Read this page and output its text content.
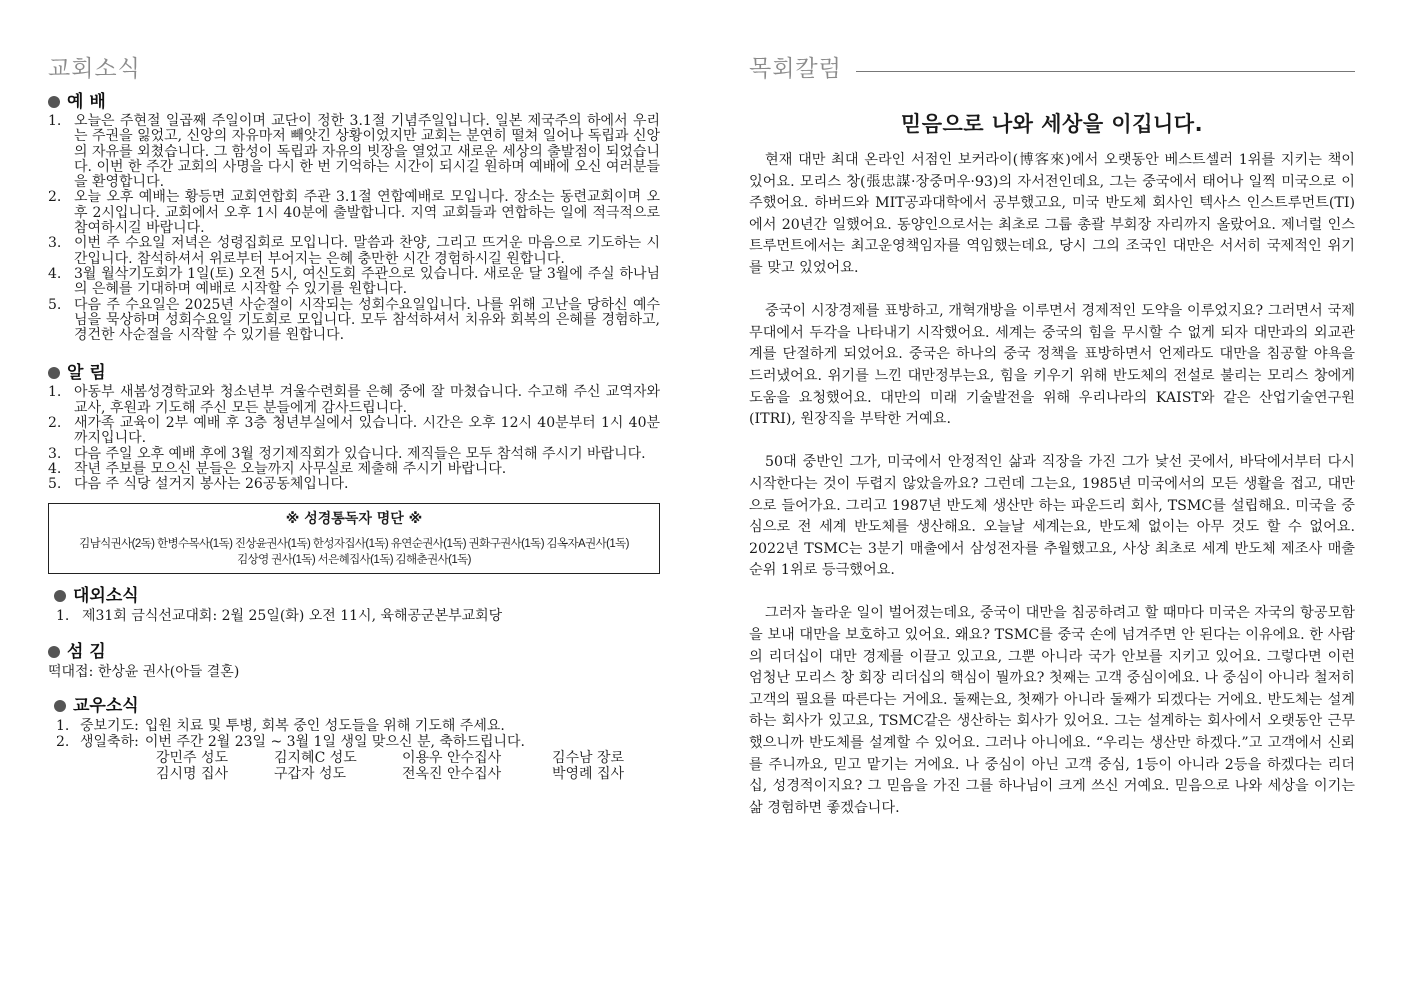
교회소식
예 배
1. 오늘은 주현절 일곱째 주일이며 교단이 정한 3.1절 기념주일입니다. 일본 제국주의 하에서 우리는 주권을 잃었고, 신앙의 자유마저 빼앗긴 상황이었지만 교회는 분연히 떨쳐 일어나 독립과 신앙의 자유를 외쳤습니다. 그 함성이 독립과 자유의 빗장을 열었고 새로운 세상의 출발점이 되었습니다. 이번 한 주간 교회의 사명을 다시 한 번 기억하는 시간이 되시길 원하며 예배에 오신 여러분들을 환영합니다.
2. 오늘 오후 예배는 황등면 교회연합회 주관 3.1절 연합예배로 모입니다. 장소는 동련교회이며 오후 2시입니다. 교회에서 오후 1시 40분에 출발합니다. 지역 교회들과 연합하는 일에 적극적으로 참여하시길 바랍니다.
3. 이번 주 수요일 저녁은 성령집회로 모입니다. 말씀과 찬양, 그리고 뜨거운 마음으로 기도하는 시간입니다. 참석하셔서 위로부터 부어지는 은혜 충만한 시간 경험하시길 원합니다.
4. 3월 월삭기도회가 1일(토) 오전 5시, 여신도회 주관으로 있습니다. 새로운 달 3월에 주실 하나님의 은혜를 기대하며 예배로 시작할 수 있기를 원합니다.
5. 다음 주 수요일은 2025년 사순절이 시작되는 성회수요일입니다. 나를 위해 고난을 당하신 예수님을 묵상하며 성회수요일 기도회로 모입니다. 모두 참석하셔서 치유와 회복의 은혜를 경험하고, 경건한 사순절을 시작할 수 있기를 원합니다.
알 림
1. 아동부 새봄성경학교와 청소년부 겨울수련회를 은혜 중에 잘 마쳤습니다. 수고해 주신 교역자와 교사, 후원과 기도해 주신 모든 분들에게 감사드립니다.
2. 새가족 교육이 2부 예배 후 3층 청년부실에서 있습니다. 시간은 오후 12시 40분부터 1시 40분까지입니다.
3. 다음 주일 오후 예배 후에 3월 정기제직회가 있습니다. 제직들은 모두 참석해 주시기 바랍니다.
4. 작년 주보를 모으신 분들은 오늘까지 사무실로 제출해 주시기 바랍니다.
5. 다음 주 식당 설거지 봉사는 26공동체입니다.
※ 성경통독자 명단 ※
김남식권사(2독) 한병수목사(1독) 진상윤권사(1독) 한성자집사(1독) 유연순권사(1독) 권화구권사(1독) 김옥자A권사(1독)
김상영 권사(1독) 서은혜집사(1독) 김해춘권사(1독)
대외소식
1. 제31회 금식선교대회: 2월 25일(화) 오전 11시, 육해공군본부교회당
섬 김
떡대접: 한상윤 권사(아들 결혼)
교우소식
1. 중보기도: 입원 치료 및 투병, 회복 중인 성도들을 위해 기도해 주세요.
2. 생일축하: 이번 주간 2월 23일 ~ 3월 1일 생일 맞으신 분, 축하드립니다.
강민주 성도	김지혜C 성도	이용우 안수집사	김수남 장로
김시명 집사	구갑자 성도	전옥진 안수집사	박영례 집사
목회칼럼
믿음으로 나와 세상을 이깁니다.

현재 대만 최대 온라인 서점인 보커라이(博客來)에서 오랫동안 베스트셀러 1위를 지키는 책이 있어요. 모리스 창(張忠謀·장중머우·93)의 자서전인데요, 그는 중국에서 태어나 일찍 미국으로 이주했어요. 하버드와 MIT공과대학에서 공부했고요, 미국 반도체 회사인 텍사스 인스트루먼트(TI)에서 20년간 일했어요. 동양인으로서는 최초로 그룹 총괄 부회장 자리까지 올랐어요. 제너럴 인스트루먼트에서는 최고운영책임자를 역임했는데요, 당시 그의 조국인 대만은 서서히 국제적인 위기를 맞고 있었어요.

중국이 시장경제를 표방하고, 개혁개방을 이루면서 경제적인 도약을 이루었지요? 그러면서 국제무대에서 두각을 나타내기 시작했어요. 세계는 중국의 힘을 무시할 수 없게 되자 대만과의 외교관계를 단절하게 되었어요. 중국은 하나의 중국 정책을 표방하면서 언제라도 대만을 침공할 야욕을 드러냈어요. 위기를 느낀 대만정부는요, 힘을 키우기 위해 반도체의 전설로 불리는 모리스 창에게 도움을 요청했어요. 대만의 미래 기술발전을 위해 우리나라의 KAIST와 같은 산업기술연구원(ITRI), 원장직을 부탁한 거예요.

50대 중반인 그가, 미국에서 안정적인 삶과 직장을 가진 그가 낯선 곳에서, 바닥에서부터 다시 시작한다는 것이 두렵지 않았을까요? 그런데 그는요, 1985년 미국에서의 모든 생활을 접고, 대만으로 들어가요. 그리고 1987년 반도체 생산만 하는 파운드리 회사, TSMC를 설립해요. 미국을 중심으로 전 세계 반도체를 생산해요. 오늘날 세계는요, 반도체 없이는 아무 것도 할 수 없어요. 2022년 TSMC는 3분기 매출에서 삼성전자를 추월했고요, 사상 최초로 세계 반도체 제조사 매출 순위 1위로 등극했어요.

그러자 놀라운 일이 벌어졌는데요, 중국이 대만을 침공하려고 할 때마다 미국은 자국의 항공모함을 보내 대만을 보호하고 있어요. 왜요? TSMC를 중국 손에 넘겨주면 안 된다는 이유에요. 한 사람의 리더십이 대만 경제를 이끌고 있고요, 그뿐 아니라 국가 안보를 지키고 있어요. 그렇다면 이런 엄청난 모리스 창 회장 리더십의 핵심이 뭘까요? 첫째는 고객 중심이에요. 나 중심이 아니라 철저히 고객의 필요를 따른다는 거에요. 둘째는요, 첫째가 아니라 둘째가 되겠다는 거에요. 반도체는 설계하는 회사가 있고요, TSMC같은 생산하는 회사가 있어요. 그는 설계하는 회사에서 오랫동안 근무했으니까 반도체를 설계할 수 있어요. 그러나 아니에요. “우리는 생산만 하겠다.”고 고객에서 신뢰를 주니까요, 믿고 맡기는 거에요. 나 중심이 아닌 고객 중심, 1등이 아니라 2등을 하겠다는 리더십, 성경적이지요? 그 믿음을 가진 그를 하나님이 크게 쓰신 거예요. 믿음으로 나와 세상을 이기는 삶 경험하면 좋겠습니다.
